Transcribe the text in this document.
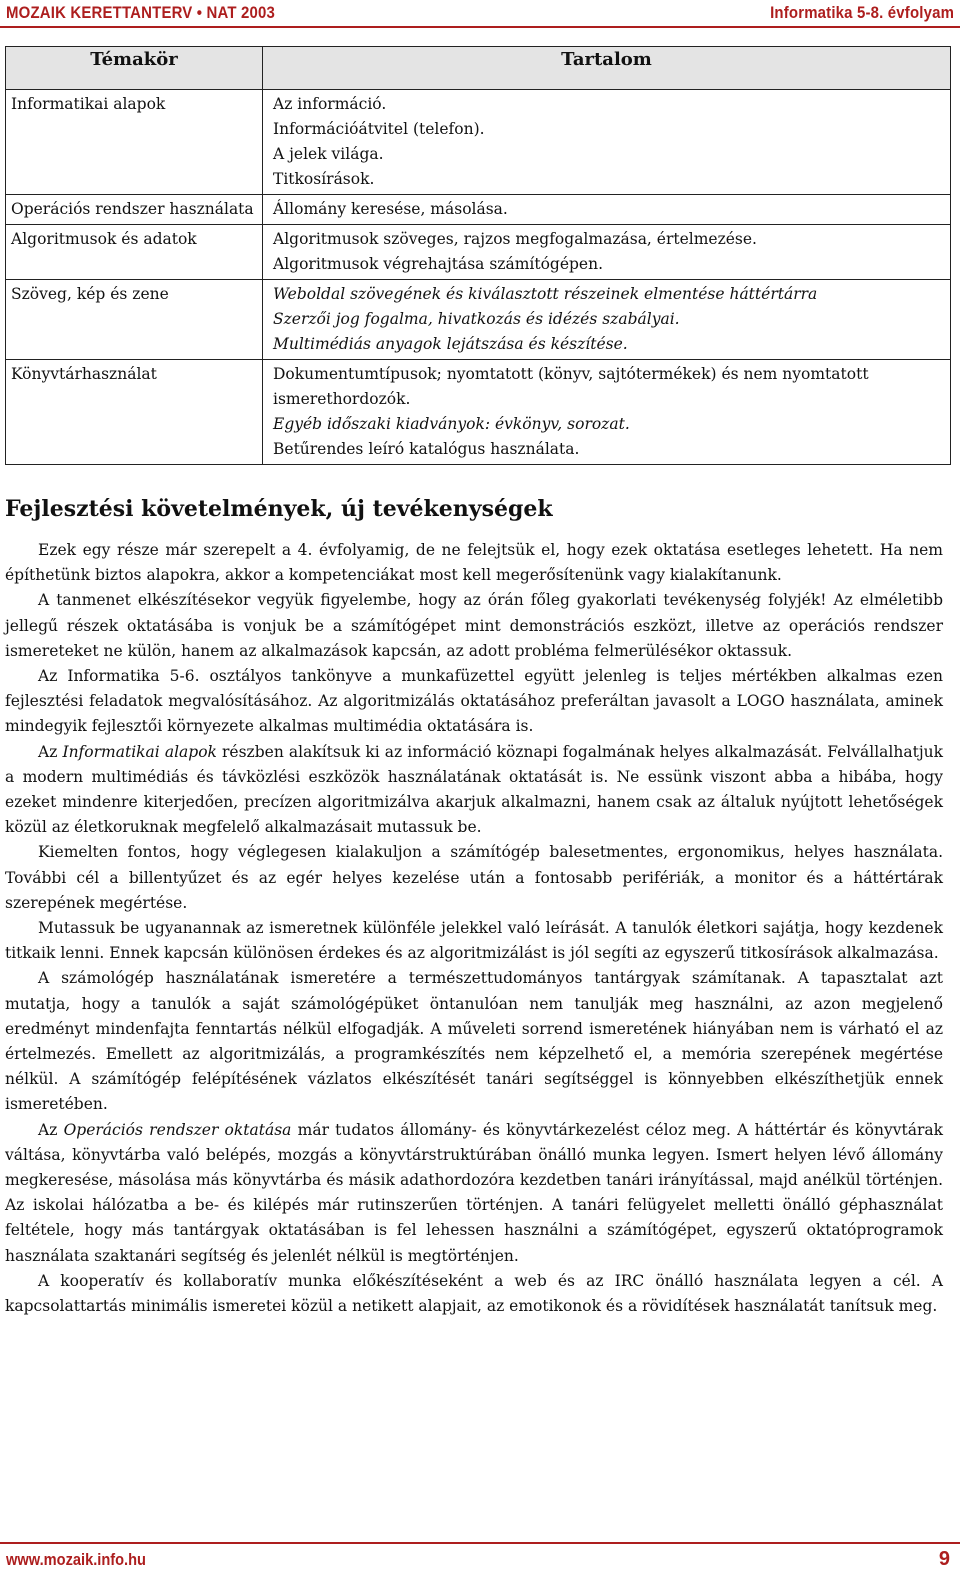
MOZAIK KERETTANTERV • NAT 2003	Informatika 5-8. évfolyam
Témakör	Tartalom
Informatikai alapok	Az információ.
Információátvitel (telefon).
A jelek világa.
Titkosírások.

Operációs rendszer használata	Állomány keresése, másolása.

Algoritmusok és adatok	Algoritmusok szöveges, rajzos megfogalmazása, értelmezése.
Algoritmusok végrehajtása számítógépen.

Szöveg, kép és zene	Weboldal szövegének és kiválasztott részeinek elmentése háttértárra
Szerzői jog fogalma, hivatkozás és idézés szabályai.
Multimédiás anyagok lejátszása és készítése.

Könyvtárhasználat	Dokumentumtípusok; nyomtatott (könyv, sajtótermékek) és nem nyomtatott ismerethordozók.
Egyéb időszaki kiadványok: évkönyv, sorozat.
Betűrendes leíró katalógus használata.
Fejlesztési követelmények, új tevékenységek

Ezek egy része már szerepelt a 4. évfolyamig, de ne felejtsük el, hogy ezek oktatása esetleges lehetett. Ha nem építhetünk biztos alapokra, akkor a kompetenciákat most kell megerősítenünk vagy kialakítanunk.

A tanmenet elkészítésekor vegyük figyelembe, hogy az órán főleg gyakorlati tevékenység folyjék! Az elméletibb jellegű részek oktatásába is vonjuk be a számítógépet mint demonstrációs eszközt, illetve az operációs rendszer ismereteket ne külön, hanem az alkalmazások kapcsán, az adott probléma felmerülésékor oktassuk.

Az Informatika 5-6. osztályos tankönyve a munkafüzettel együtt jelenleg is teljes mértékben alkalmas ezen fejlesztési feladatok megvalósításához. Az algoritmizálás oktatásához preferáltan javasolt a LOGO használata, aminek mindegyik fejlesztői környezete alkalmas multimédia oktatására is.

Az Informatikai alapok részben alakítsuk ki az információ köznapi fogalmának helyes alkalmazását. Felvállalhatjuk a modern multimédiás és távközlési eszközök használatának oktatását is. Ne essünk viszont abba a hibába, hogy ezeket mindenre kiterjedően, precízen algoritmizálva akarjuk alkalmazni, hanem csak az általuk nyújtott lehetőségek közül az életkoruknak megfelelő alkalmazásait mutassuk be.

Kiemelten fontos, hogy véglegesen kialakuljon a számítógép balesetmentes, ergonomikus, helyes használata. További cél a billentyűzet és az egér helyes kezelése után a fontosabb perifériák, a monitor és a háttértárak szerepének megértése.

Mutassuk be ugyanannak az ismeretnek különféle jelekkel való leírását. A tanulók életkori sajátja, hogy kezdenek titkaik lenni. Ennek kapcsán különösen érdekes és az algoritmizálást is jól segíti az egyszerű titkosírások alkalmazása.

A számológép használatának ismeretére a természettudományos tantárgyak számítanak. A tapasztalat azt mutatja, hogy a tanulók a saját számológépüket öntanulóan nem tanulják meg használni, az azon megjelenő eredményt mindenfajta fenntartás nélkül elfogadják. A műveleti sorrend ismeretének hiányában nem is várható el az értelmezés. Emellett az algoritmizálás, a programkészítés nem képzelhető el, a memória szerepének megértése nélkül. A számítógép felépítésének vázlatos elkészítését tanári segítséggel is könnyebben elkészíthetjük ennek ismeretében.

Az Operációs rendszer oktatása már tudatos állomány- és könyvtárkezelést céloz meg. A háttértár és könyvtárak váltása, könyvtárba való belépés, mozgás a könyvtárstruktúrában önálló munka legyen. Ismert helyen lévő állomány megkeresése, másolása más könyvtárba és másik adathordozóra kezdetben tanári irányítással, majd anélkül történjen. Az iskolai hálózatba a be- és kilépés már rutinszerűen történjen. A tanári felügyelet melletti önálló géphasználat feltétele, hogy más tantárgyak oktatásában is fel lehessen használni a számítógépet, egyszerű oktatóprogramok használata szaktanári segítség és jelenlét nélkül is megtörténjen.

A kooperatív és kollaboratív munka előkészítéseként a web és az IRC önálló használata legyen a cél. A kapcsolattartás minimális ismeretei közül a netikett alapjait, az emotikonok és a rövidítések használatát tanítsuk meg.

www.mozaik.info.hu	9
